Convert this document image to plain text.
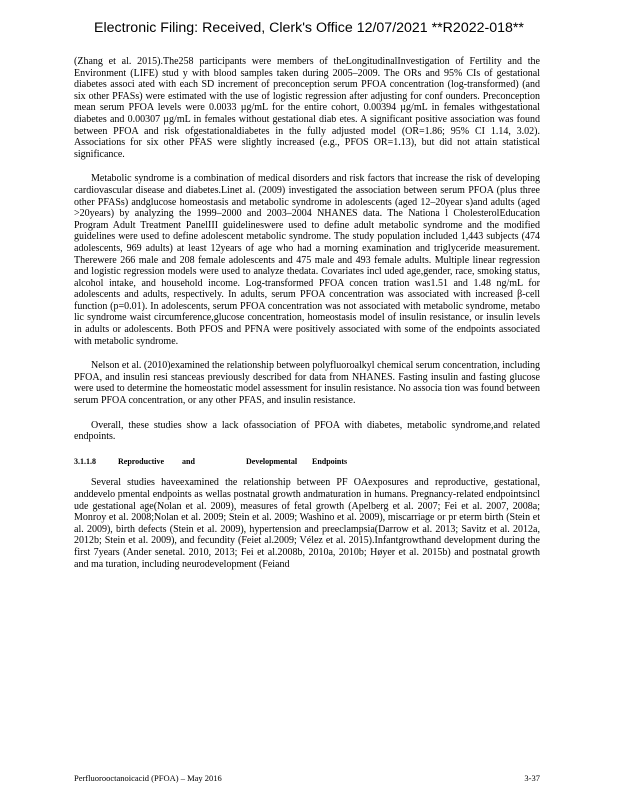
Electronic Filing: Received, Clerk's Office 12/07/2021 **R2022-018**

(Zhang et al. 2015).The258 participants were members of theLongitudinalInvestigation of Fertility and the Environment (LIFE) stud y with blood samples taken during 2005–2009. The ORs and 95% CIs of gestational diabetes associ ated with each SD increment of preconception serum PFOA concentration (log-transformed) (and six other PFASs) were estimated with the use of logistic regression after adjusting for conf ounders. Preconception mean serum PFOA levels were 0.0033 µg/mL for the entire cohort, 0.00394 µg/mL in females withgestational diabetes and 0.00307 µg/mL in females without gestational diab etes. A significant positive association was found between PFOA and risk ofgestationaldiabetes in the fully adjusted model (OR=1.86; 95% CI 1.14, 3.02). Associations for six other PFAS were slightly increased (e.g., PFOS OR=1.13), but did not attain statistical significance.

Metabolic syndrome is a combination of medical disorders and risk factors that increase the risk of developing cardiovascular disease and diabetes.Linet al. (2009) investigated the association between serum PFOA (plus three other PFASs) andglucose homeostasis and metabolic syndrome in adolescents (aged 12–20year s)and adults (aged >20years) by analyzing the 1999–2000 and 2003–2004 NHANES data. The Nationa l CholesterolEducation Program Adult Treatment PanelIII guidelineswere used to define adult metabolic syndrome and the modified guidelines were used to define adolescent metabolic syndrome. The study population included 1,443 subjects (474 adolescents, 969 adults) at least 12years of age who had a morning examination and triglyceride measurement. Therewere 266 male and 208 female adolescents and 475 male and 493 female adults. Multiple linear regression and logistic regression models were used to analyze thedata. Covariates incl uded age,gender, race, smoking status, alcohol intake, and household income. Log-transformed PFOA concen tration was1.51 and 1.48 ng/mL for adolescents and adults, respectively. In adults, serum PFOA concentration was associated with increased β-cell function (p=0.01). In adolescents, serum PFOA concentration was not associated with metabolic syndrome, metabo lic syndrome waist circumference,glucose concentration, homeostasis model of insulin resistance, or insulin levels in adults or adolescents. Both PFOS and PFNA were positively associated with some of the endpoints associated with metabolic syndrome.

Nelson et al. (2010)examined the relationship between polyfluoroalkyl chemical serum concentration, including PFOA, and insulin resi stanceas previously described for data from NHANES. Fasting insulin and fasting glucose were used to determine the homeostatic model assessment for insulin resistance. No associa tion was found between serum PFOA concentration, or any other PFAS, and insulin resistance.

Overall, these studies show a lack ofassociation of PFOA with diabetes, metabolic syndrome,and related endpoints.

3.1.1.8	Reproductive and	Developmental Endpoints

Several studies haveexamined the relationship between PF OAexposures and reproductive, gestational, anddevelo pmental endpoints as wellas postnatal growth andmaturation in humans. Pregnancy-related endpointsincl ude gestational age(Nolan et al. 2009), measures of fetal growth (Apelberg et al. 2007; Fei et al. 2007, 2008a; Monroy et al. 2008;Nolan et al. 2009; Stein et al. 2009; Washino et al. 2009), miscarriage or pr eterm birth (Stein et al. 2009), birth defects (Stein et al. 2009), hypertension and preeclampsia(Darrow et al. 2013; Savitz et al. 2012a, 2012b; Stein et al. 2009), and fecundity (Feiet al.2009; Vélez et al. 2015).Infantgrowthand development during the first 7years (Ander senetal. 2010, 2013; Fei et al.2008b, 2010a, 2010b; Høyer et al. 2015b) and postnatal growth and ma turation, including neurodevelopment (Feiand

Perfluorooctanoicacid (PFOA) – May 2016	3-37
